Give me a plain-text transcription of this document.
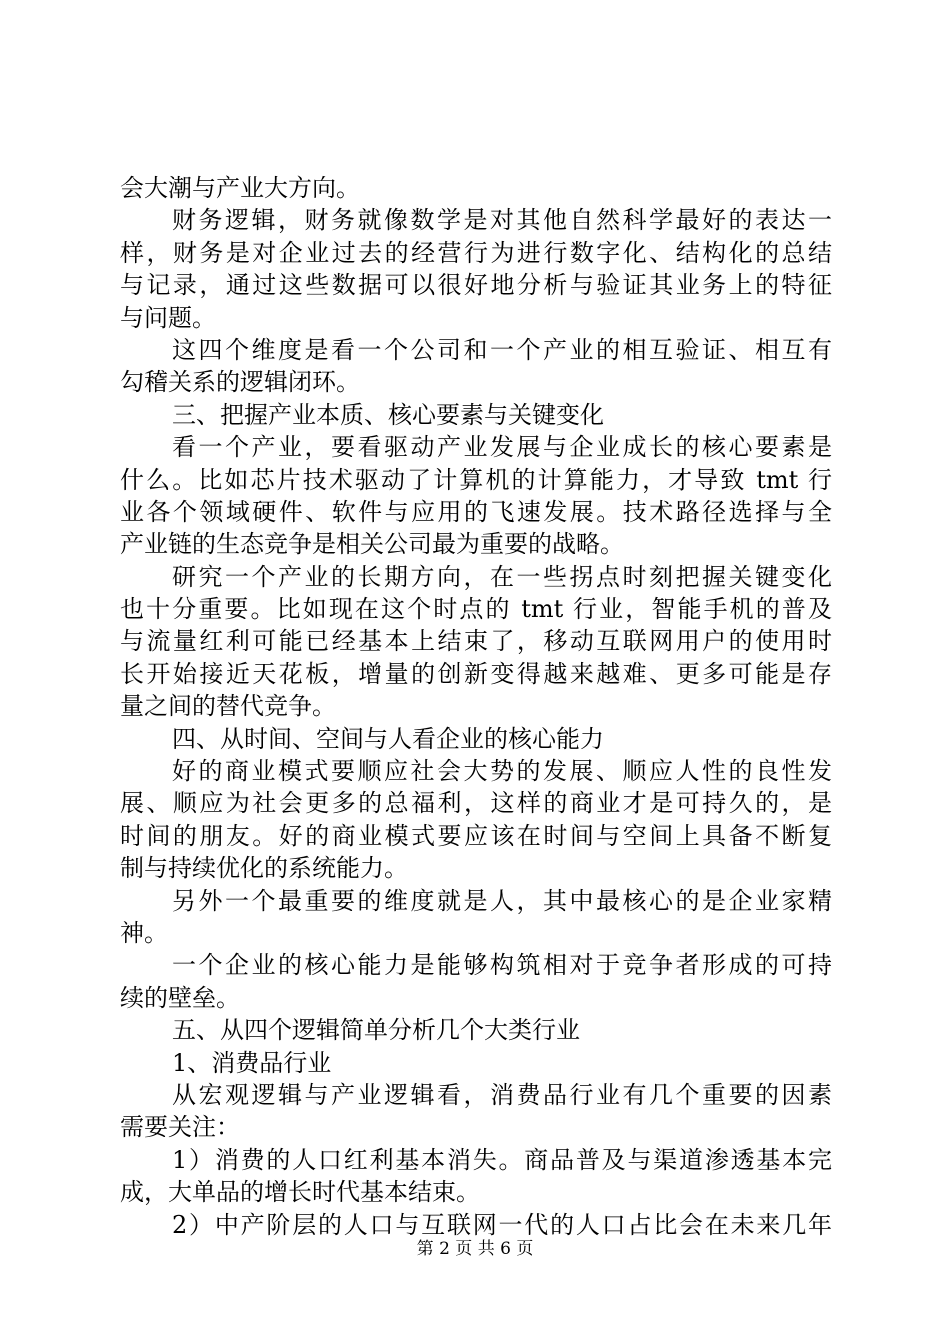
会大潮与产业大方向。
财务逻辑，财务就像数学是对其他自然科学最好的表达一
样，财务是对企业过去的经营行为进行数字化、结构化的总结
与记录，通过这些数据可以很好地分析与验证其业务上的特征
与问题。
这四个维度是看一个公司和一个产业的相互验证、相互有
勾稽关系的逻辑闭环。
三、把握产业本质、核心要素与关键变化
看一个产业，要看驱动产业发展与企业成长的核心要素是
什么。比如芯片技术驱动了计算机的计算能力，才导致 tmt 行
业各个领域硬件、软件与应用的飞速发展。技术路径选择与全
产业链的生态竞争是相关公司最为重要的战略。
研究一个产业的长期方向，在一些拐点时刻把握关键变化
也十分重要。比如现在这个时点的 tmt 行业，智能手机的普及
与流量红利可能已经基本上结束了，移动互联网用户的使用时
长开始接近天花板，增量的创新变得越来越难、更多可能是存
量之间的替代竞争。
四、从时间、空间与人看企业的核心能力
好的商业模式要顺应社会大势的发展、顺应人性的良性发
展、顺应为社会更多的总福利，这样的商业才是可持久的，是
时间的朋友。好的商业模式要应该在时间与空间上具备不断复
制与持续优化的系统能力。
另外一个最重要的维度就是人，其中最核心的是企业家精
神。
一个企业的核心能力是能够构筑相对于竞争者形成的可持
续的壁垒。
五、从四个逻辑简单分析几个大类行业
1、消费品行业
从宏观逻辑与产业逻辑看，消费品行业有几个重要的因素
需要关注：
1）消费的人口红利基本消失。商品普及与渠道渗透基本完
成，大单品的增长时代基本结束。
2）中产阶层的人口与互联网一代的人口占比会在未来几年
第 2 页 共 6 页
